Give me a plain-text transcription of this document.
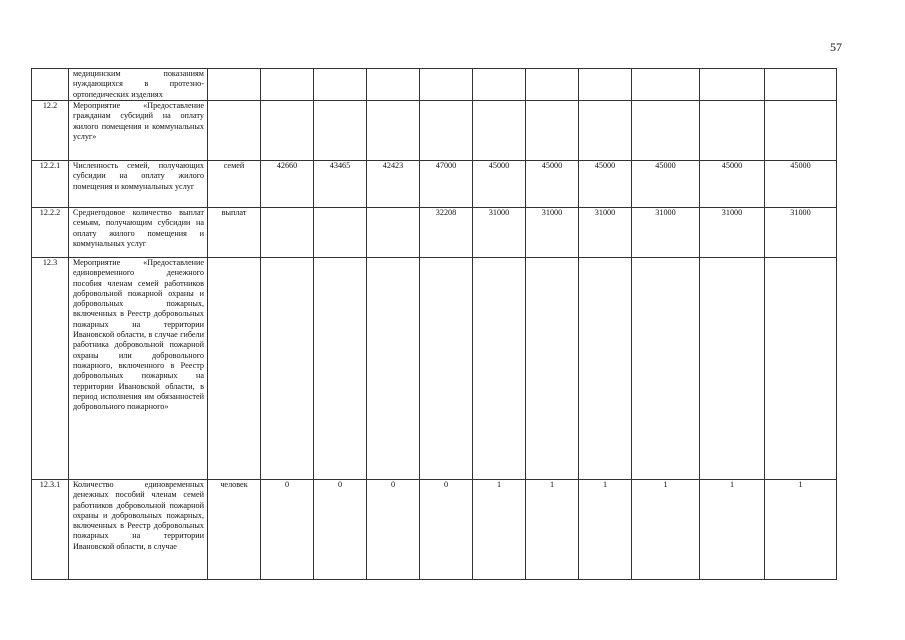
57
	медицинским показаниям нуждающихся в протезно-ортопедических изделиях											
12.2	Мероприятие «Предоставление гражданам субсидий на оплату жилого помещения и коммунальных услуг»											
12.2.1	Численность семей, получающих субсидии на оплату жилого помещения и коммунальных услуг	семей	42660	43465	42423	47000	45000	45000	45000	45000	45000	45000
12.2.2	Среднегодовое количество выплат семьям, получающим субсидии на оплату жилого помещения и коммунальных услуг	выплат				32208	31000	31000	31000	31000	31000	31000
12.3	Мероприятие «Предоставление единовременного денежного пособия членам семей работников добровольной пожарной охраны и добровольных пожарных, включенных в Реестр добровольных пожарных на территории Ивановской области, в случае гибели работника добровольной пожарной охраны или добровольного пожарного, включенного в Реестр добровольных пожарных на территории Ивановской области, в период исполнения им обязанностей добровольного пожарного»											
12.3.1	Количество единовременных денежных пособий членам семей работников добровольной пожарной охраны и добровольных пожарных, включенных в Реестр добровольных пожарных на территории Ивановской области, в случае	человек	0	0	0	0	1	1	1	1	1	1
